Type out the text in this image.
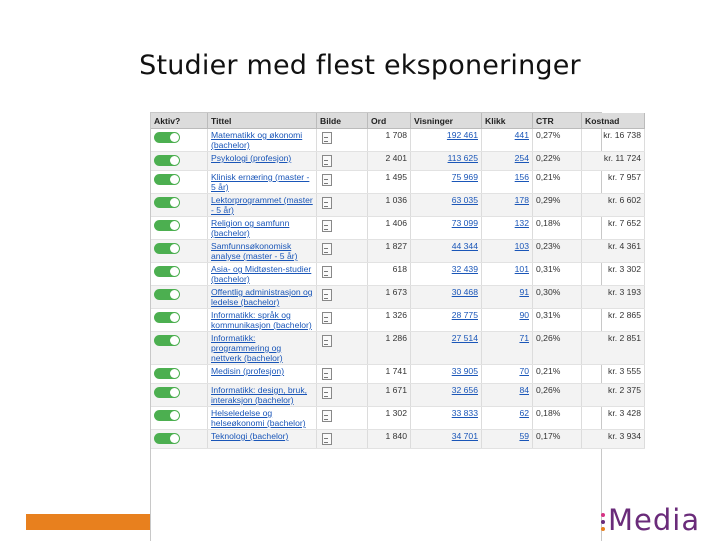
Studier med flest eksponeringer
Aktiv?	Tittel	Bilde	Ord	Visninger	Klikk	CTR	Kostnad

	Matematikk og økonomi (bachelor)		1 708	192 461	441	0,27%	kr. 16 738

	Psykologi (profesjon)		2 401	113 625	254	0,22%	kr. 11 724

	Klinisk ernæring (master - 5 år)		1 495	75 969	156	0,21%	kr. 7 957

	Lektorprogrammet (master - 5 år)		1 036	63 035	178	0,29%	kr. 6 602

	Religion og samfunn (bachelor)		1 406	73 099	132	0,18%	kr. 7 652

	Samfunnsøkonomisk analyse (master - 5 år)		1 827	44 344	103	0,23%	kr. 4 361

	Asia- og Midtøsten-studier (bachelor)		618	32 439	101	0,31%	kr. 3 302

	Offentlig administrasjon og ledelse (bachelor)		1 673	30 468	91	0,30%	kr. 3 193

	Informatikk: språk og kommunikasjon (bachelor)		1 326	28 775	90	0,31%	kr. 2 865

	Informatikk: programmering og nettverk (bachelor)		1 286	27 514	71	0,26%	kr. 2 851

	Medisin (profesjon)		1 741	33 905	70	0,21%	kr. 3 555

	Informatikk: design, bruk, interaksjon (bachelor)		1 671	32 656	84	0,26%	kr. 2 375

	Helseledelse og helseøkonomi (bachelor)		1 302	33 833	62	0,18%	kr. 3 428

	Teknologi (bachelor)		1 840	34 701	59	0,17%	kr. 3 934
Media
